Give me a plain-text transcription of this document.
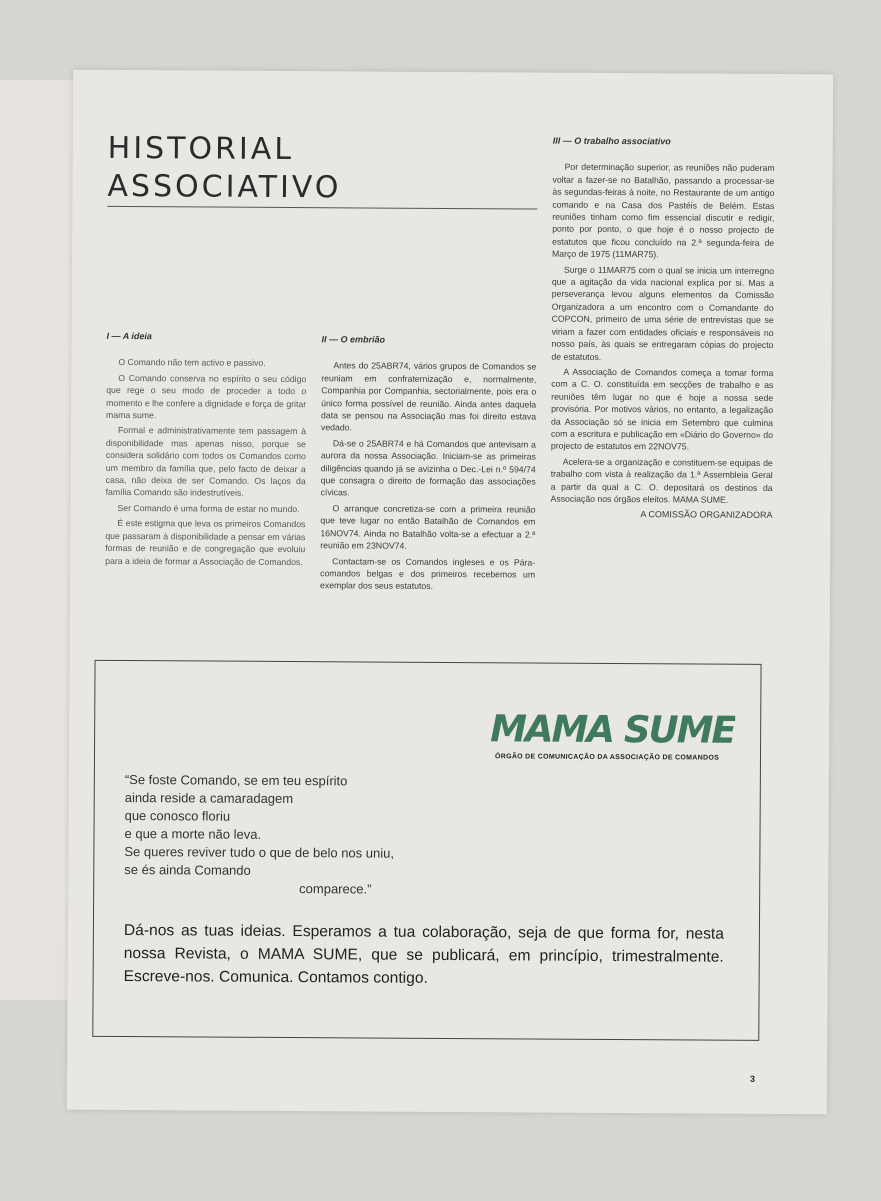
HISTORIAL
ASSOCIATIVO
I — A ideia

O Comando não tem activo e passivo.

O Comando conserva no espírito o seu código que rege o seu modo de proceder a todo o momento e lhe confere a dignidade e força de gritar mama sume.

Formal e administrativamente tem passagem à disponibilidade mas apenas nisso, porque se considera solidário com todos os Comandos como um membro da família que, pelo facto de deixar a casa, não deixa de ser Comando. Os laços da família Comando são indestrutíveis.

Ser Comando é uma forma de estar no mundo.

É este estigma que leva os primeiros Comandos que passaram à disponibilidade a pensar em várias formas de reunião e de congregação que evoluiu para a ideia de formar a Associação de Comandos.

II — O embrião

Antes do 25ABR74, vários grupos de Comandos se reuniam em confraternização e, normalmente, Companhia por Companhia, sectorialmente, pois era o único forma possível de reunião. Ainda antes daquela data se pensou na Associação mas foi direito estava vedado.

Dá-se o 25ABR74 e há Comandos que antevisam a aurora da nossa Associação. Iniciam-se as primeiras diligências quando já se avizinha o Dec.-Lei n.º 594/74 que consagra o direito de formação das associações cívicas.

O arranque concretiza-se com a primeira reunião que teve lugar no então Batalhão de Comandos em 16NOV74. Ainda no Batalhão volta-se a efectuar a 2.ª reunião em 23NOV74.

Contactam-se os Comandos ingleses e os Pára-comandos belgas e dos primeiros recebemos um exemplar dos seus estatutos.

III — O trabalho associativo

Por determinação superior, as reuniões não puderam voltar a fazer-se no Batalhão, passando a processar-se às segundas-feiras à noite, no Restaurante de um antigo comando e na Casa dos Pastéis de Belém. Estas reuniões tinham como fim essencial discutir e redigir, ponto por ponto, o que hoje é o nosso projecto de estatutos que ficou concluído na 2.ª segunda-feira de Março de 1975 (11MAR75).

Surge o 11MAR75 com o qual se inicia um interregno que a agitação da vida nacional explica por si. Mas a perseverança levou alguns elementos da Comissão Organizadora a um encontro com o Comandante do COPCON, primeiro de uma série de entrevistas que se viriam a fazer com entidades oficiais e responsáveis no nosso país, às quais se entregaram cópias do projecto de estatutos.

A Associação de Comandos começa a tomar forma com a C. O. constituída em secções de trabalho e as reuniões têm lugar no que é hoje a nossa sede provisória. Por motivos vários, no entanto, a legalização da Associação só se inicia em Setembro que culmina com a escritura e publicação em «Diário do Governo» do projecto de estatutos em 22NOV75.

Acelera-se a organização e constituem-se equipas de trabalho com vista à realização da 1.ª Assembleia Geral a partir da qual a C. O. depositará os destinos da Associação nos órgãos eleitos. MAMA SUME.

A COMISSÃO ORGANIZADORA

MAMA SUME
ÓRGÃO DE COMUNICAÇÃO DA ASSOCIAÇÃO DE COMANDOS
“Se foste Comando, se em teu espírito
ainda reside a camaradagem
que conosco floriu
e que a morte não leva.
Se queres reviver tudo o que de belo nos uniu,
se és ainda Comando
comparece.”
Dá-nos as tuas ideias. Esperamos a tua colaboração, seja de que forma for, nesta nossa Revista, o MAMA SUME, que se publicará, em princípio, trimestralmente. Escreve-nos. Comunica. Contamos contigo.
3
